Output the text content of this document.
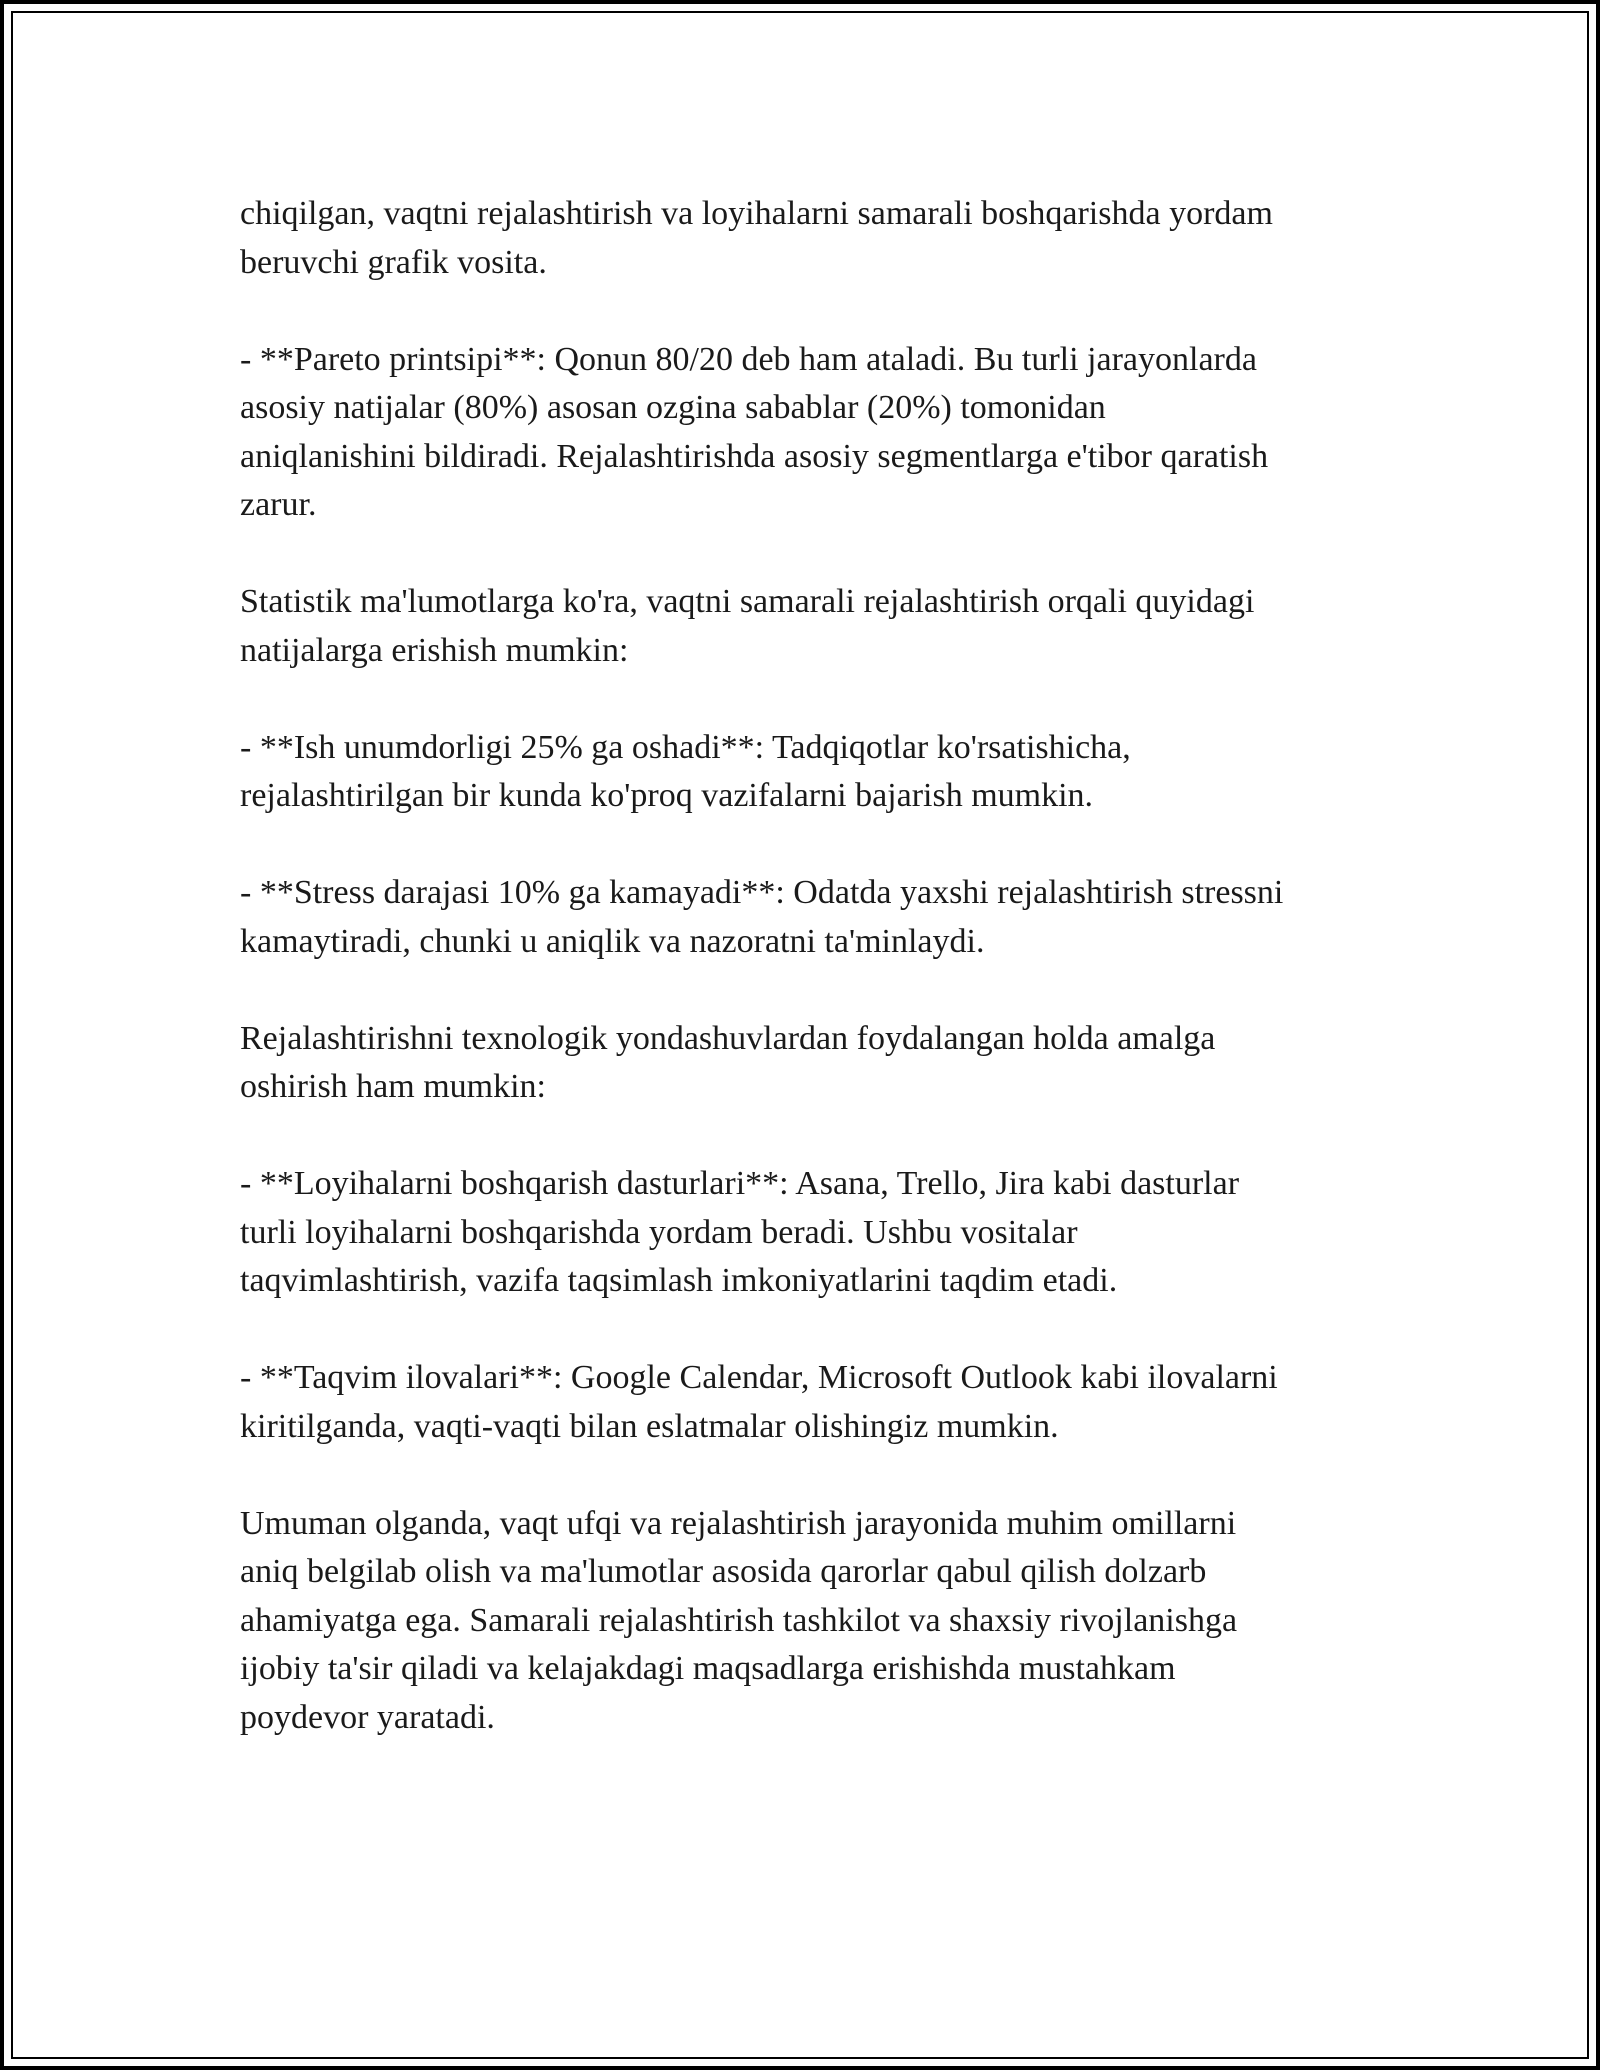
chiqilgan, vaqtni rejalashtirish va loyihalarni samarali boshqarishda yordam
beruvchi grafik vosita.

- **Pareto printsipi**: Qonun 80/20 deb ham ataladi. Bu turli jarayonlarda
asosiy natijalar (80%) asosan ozgina sabablar (20%) tomonidan
aniqlanishini bildiradi. Rejalashtirishda asosiy segmentlarga e'tibor qaratish
zarur.

Statistik ma'lumotlarga ko'ra, vaqtni samarali rejalashtirish orqali quyidagi
natijalarga erishish mumkin:

- **Ish unumdorligi 25% ga oshadi**: Tadqiqotlar ko'rsatishicha,
rejalashtirilgan bir kunda ko'proq vazifalarni bajarish mumkin.

- **Stress darajasi 10% ga kamayadi**: Odatda yaxshi rejalashtirish stressni
kamaytiradi, chunki u aniqlik va nazoratni ta'minlaydi.

Rejalashtirishni texnologik yondashuvlardan foydalangan holda amalga
oshirish ham mumkin:

- **Loyihalarni boshqarish dasturlari**: Asana, Trello, Jira kabi dasturlar
turli loyihalarni boshqarishda yordam beradi. Ushbu vositalar
taqvimlashtirish, vazifa taqsimlash imkoniyatlarini taqdim etadi.

- **Taqvim ilovalari**: Google Calendar, Microsoft Outlook kabi ilovalarni
kiritilganda, vaqti-vaqti bilan eslatmalar olishingiz mumkin.

Umuman olganda, vaqt ufqi va rejalashtirish jarayonida muhim omillarni
aniq belgilab olish va ma'lumotlar asosida qarorlar qabul qilish dolzarb
ahamiyatga ega. Samarali rejalashtirish tashkilot va shaxsiy rivojlanishga
ijobiy ta'sir qiladi va kelajakdagi maqsadlarga erishishda mustahkam
poydevor yaratadi.
